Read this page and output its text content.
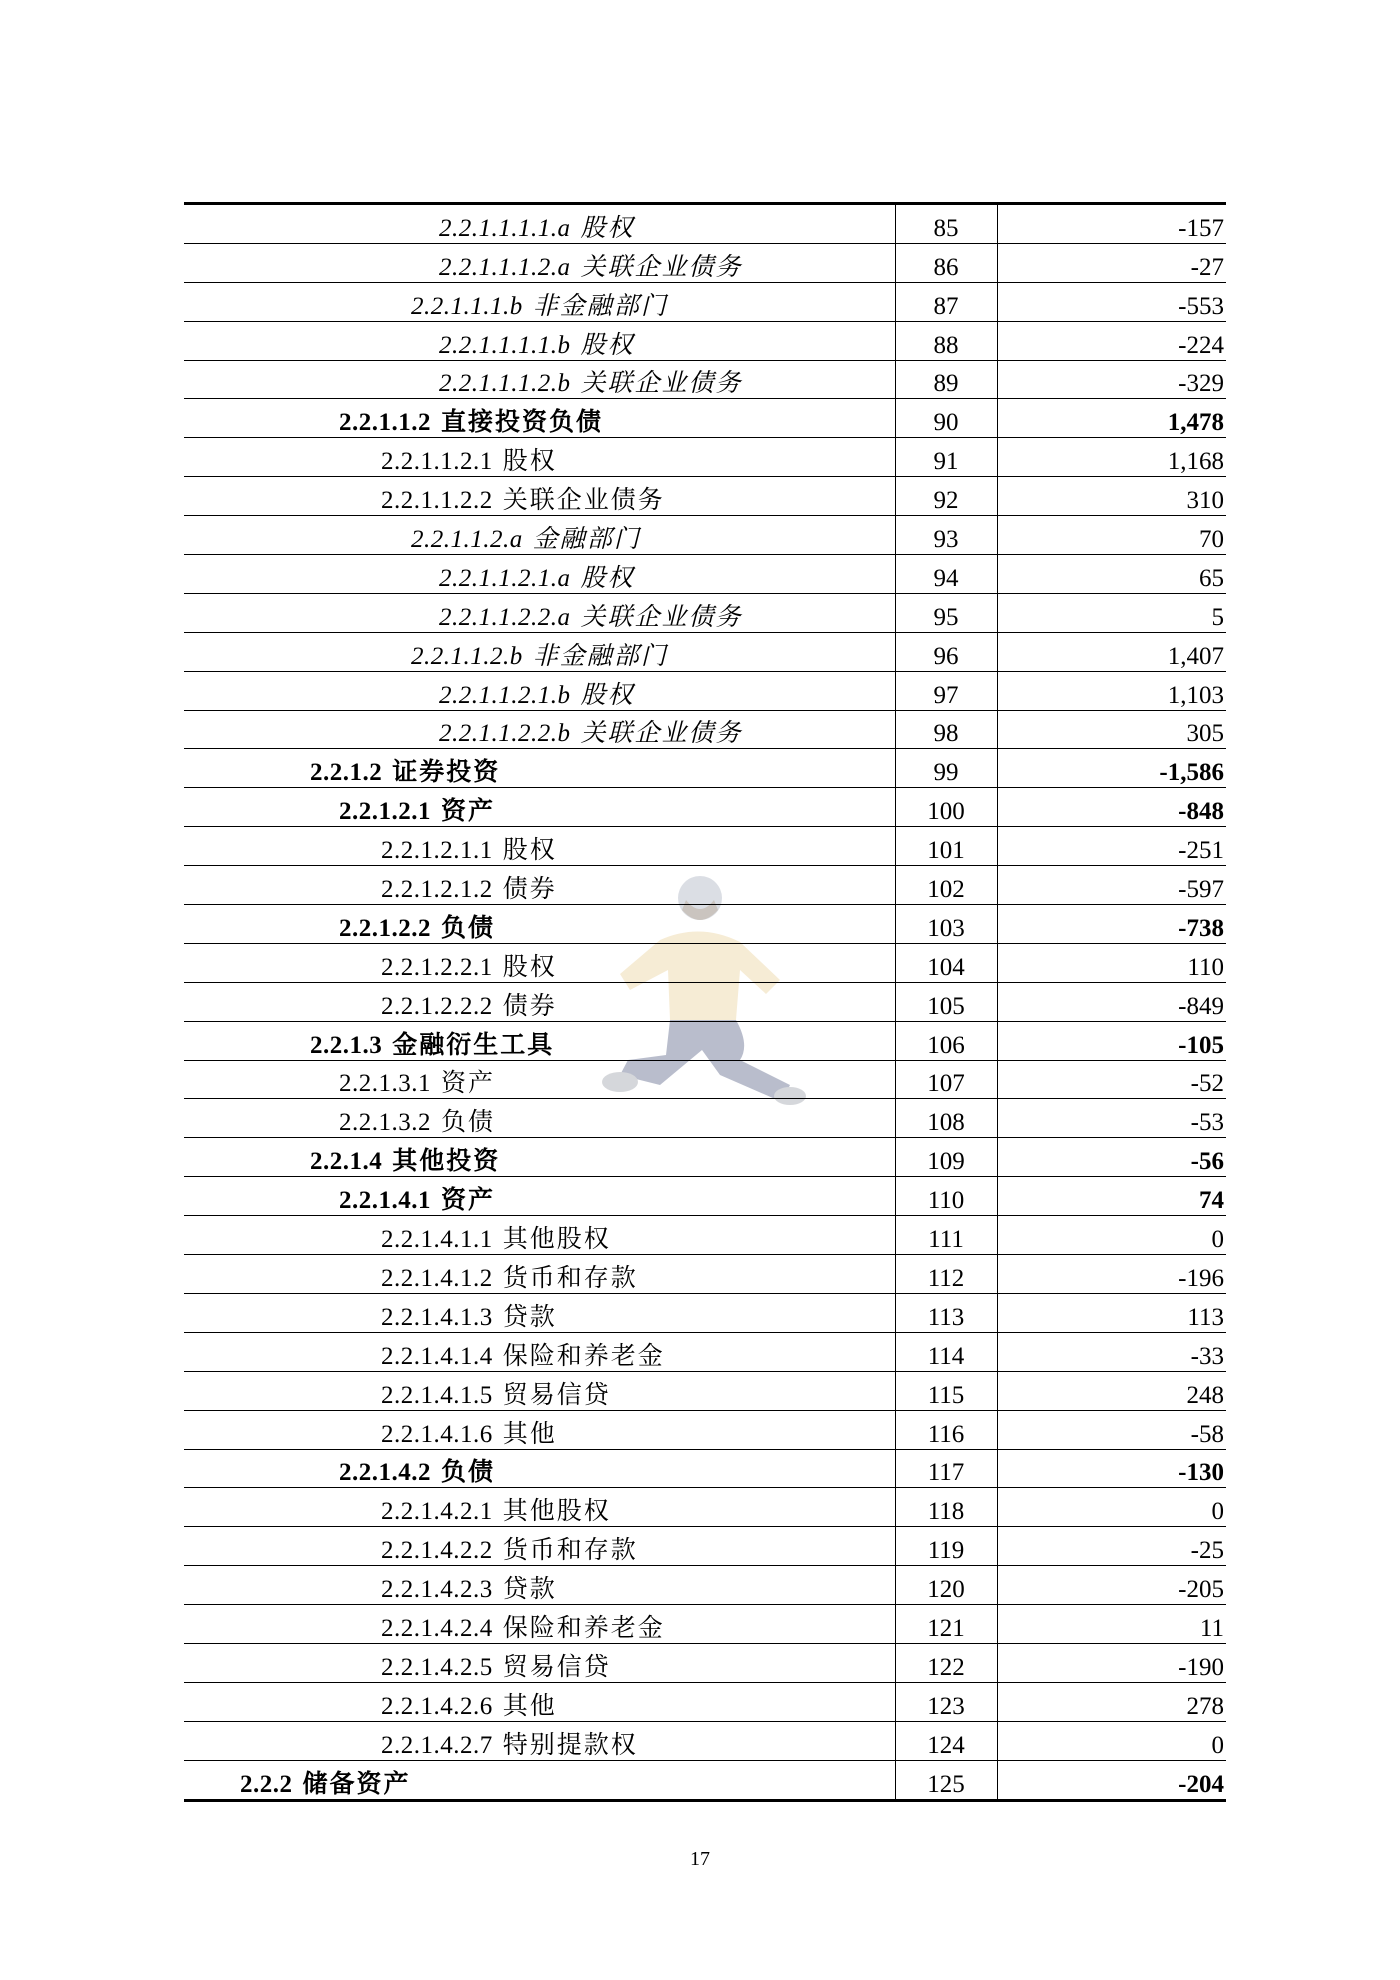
2.2.1.1.1.1.a 股权	85	-157
2.2.1.1.1.2.a 关联企业债务	86	-27
2.2.1.1.1.b 非金融部门	87	-553
2.2.1.1.1.1.b 股权	88	-224
2.2.1.1.1.2.b 关联企业债务	89	-329
2.2.1.1.2 直接投资负债	90	1,478
2.2.1.1.2.1 股权	91	1,168
2.2.1.1.2.2 关联企业债务	92	310
2.2.1.1.2.a 金融部门	93	70
2.2.1.1.2.1.a 股权	94	65
2.2.1.1.2.2.a 关联企业债务	95	5
2.2.1.1.2.b 非金融部门	96	1,407
2.2.1.1.2.1.b 股权	97	1,103
2.2.1.1.2.2.b 关联企业债务	98	305
2.2.1.2 证券投资	99	-1,586
2.2.1.2.1 资产	100	-848
2.2.1.2.1.1 股权	101	-251
2.2.1.2.1.2 债券	102	-597
2.2.1.2.2 负债	103	-738
2.2.1.2.2.1 股权	104	110
2.2.1.2.2.2 债券	105	-849
2.2.1.3 金融衍生工具	106	-105
2.2.1.3.1 资产	107	-52
2.2.1.3.2 负债	108	-53
2.2.1.4 其他投资	109	-56
2.2.1.4.1 资产	110	74
2.2.1.4.1.1 其他股权	111	0
2.2.1.4.1.2 货币和存款	112	-196
2.2.1.4.1.3 贷款	113	113
2.2.1.4.1.4 保险和养老金	114	-33
2.2.1.4.1.5 贸易信贷	115	248
2.2.1.4.1.6 其他	116	-58
2.2.1.4.2 负债	117	-130
2.2.1.4.2.1 其他股权	118	0
2.2.1.4.2.2 货币和存款	119	-25
2.2.1.4.2.3 贷款	120	-205
2.2.1.4.2.4 保险和养老金	121	11
2.2.1.4.2.5 贸易信贷	122	-190
2.2.1.4.2.6 其他	123	278
2.2.1.4.2.7 特别提款权	124	0
2.2.2 储备资产	125	-204
17
